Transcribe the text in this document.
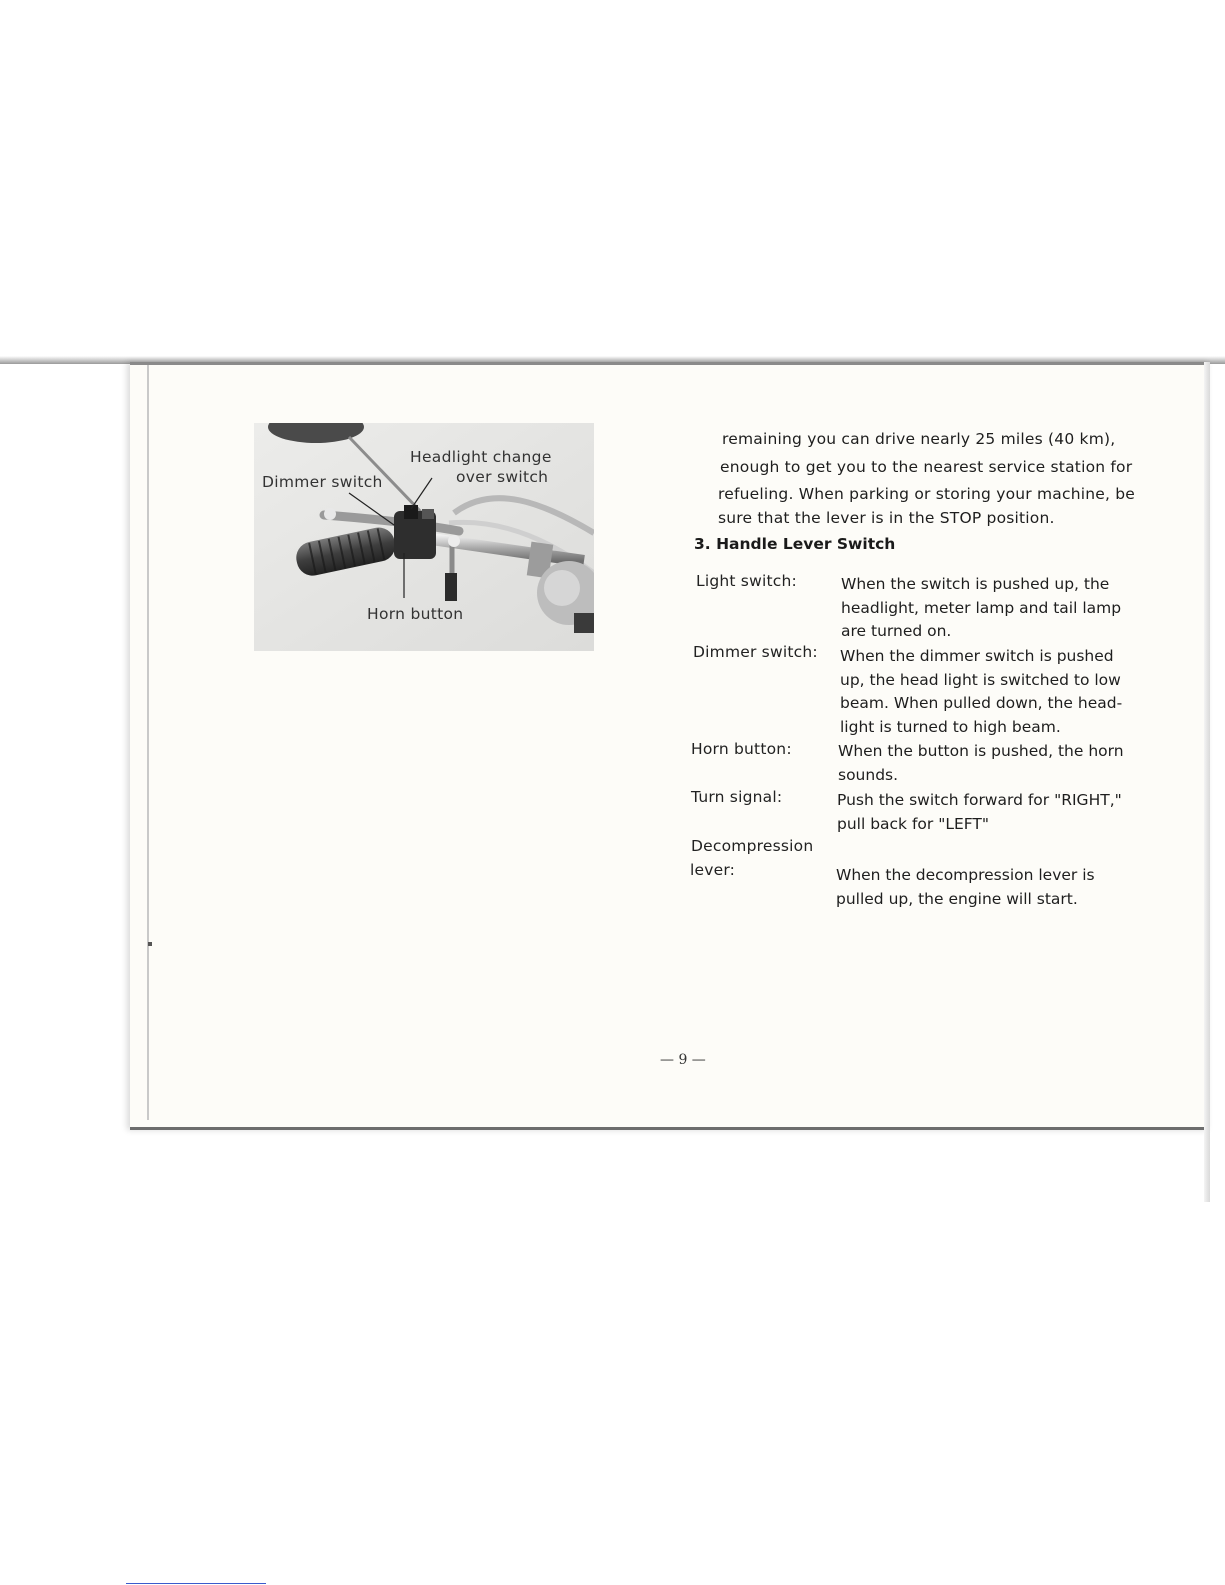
Dimmer switch
Headlight change
over switch
Horn button
remaining you can drive nearly 25 miles (40 km),
enough to get you to the nearest service station for
refueling. When parking or storing your machine, be
sure that the lever is in the STOP position.
3. Handle Lever Switch
Light switch:	When the switch is pushed up, the
headlight, meter lamp and tail lamp
are turned on.
Dimmer switch: When the dimmer switch is pushed
up, the head light is switched to low
beam. When pulled down, the head-
light is turned to high beam.
Horn button:	When the button is pushed, the horn
sounds.
Turn signal:	Push the switch forward for "RIGHT,"
pull back for "LEFT"
Decompression
lever:	When the decompression lever is
pulled up, the engine will start.
— 9 —
